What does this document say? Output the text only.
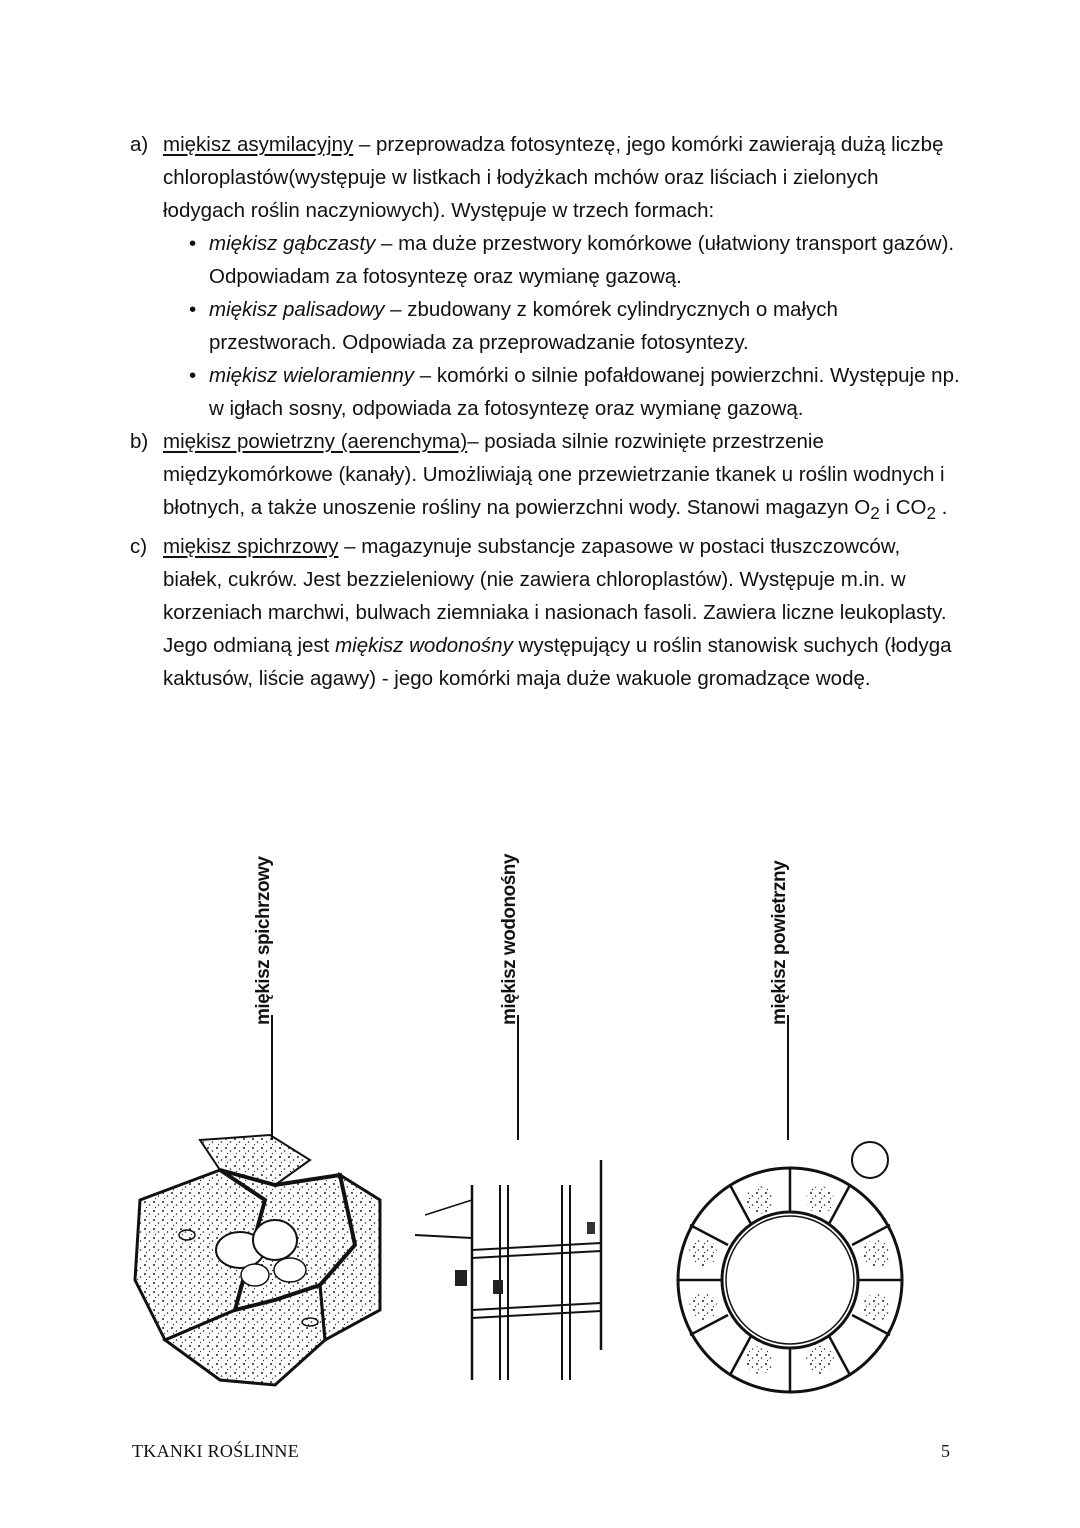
a) miękisz asymilacyjny – przeprowadza fotosyntezę, jego komórki zawierają dużą liczbę chloroplastów(występuje w listkach i łodyżkach mchów oraz liściach i zielonych łodygach roślin naczyniowych). Występuje w trzech formach:
• miękisz gąbczasty – ma duże przestwory komórkowe (ułatwiony transport gazów). Odpowiadam za fotosyntezę oraz wymianę gazową.
• miękisz palisadowy – zbudowany z komórek cylindrycznych o małych przestworach. Odpowiada za przeprowadzanie fotosyntezy.
• miękisz wieloramienny – komórki o silnie pofałdowanej powierzchni. Występuje np. w igłach sosny, odpowiada za fotosyntezę oraz wymianę gazową.
b) miękisz powietrzny (aerenchyma)– posiada silnie rozwinięte przestrzenie międzykomórkowe (kanały). Umożliwiają one przewietrzanie tkanek u roślin wodnych i błotnych, a także unoszenie rośliny na powierzchni wody. Stanowi magazyn $O_2$ i $CO_2$ .
c) miękisz spichrzowy – magazynuje substancje zapasowe w postaci tłuszczowców, białek, cukrów. Jest bezzieleniowy (nie zawiera chloroplastów). Występuje m.in. w korzeniach marchwi, bulwach ziemniaka i nasionach fasoli. Zawiera liczne leukoplasty. Jego odmianą jest miękisz wodonośny występujący u roślin stanowisk suchych (łodyga kaktusów, liście agawy) - jego komórki maja duże wakuole gromadzące wodę.
miękisz spichrzowy	miękisz wodonośny	miękisz powietrzny
TKANKI ROŚLINNE	5
